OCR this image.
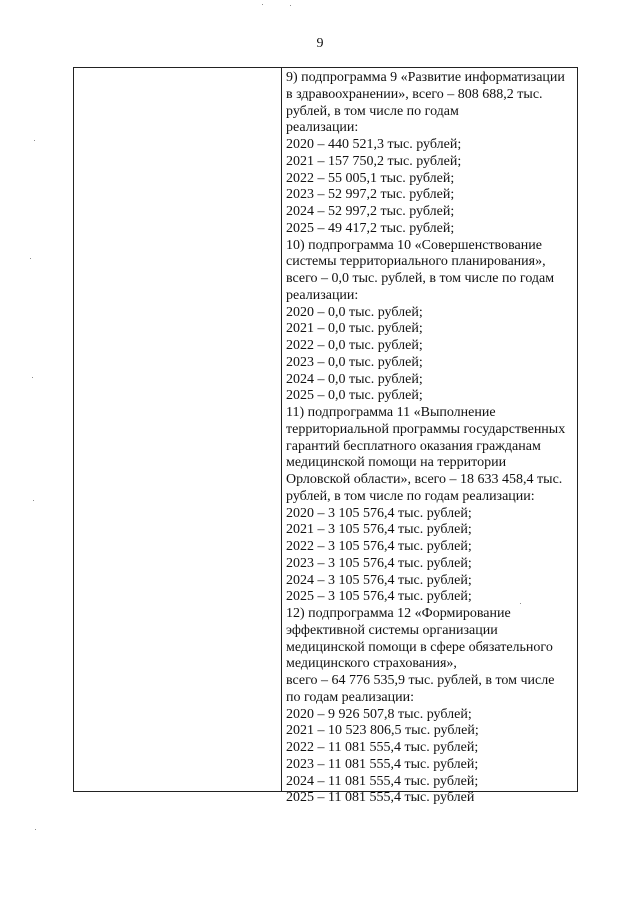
9
9) подпрограмма 9 «Развитие информатизации
в здравоохранении», всего – 808 688,2 тыс.
рублей, в том числе по годам
реализации:
2020 – 440 521,3 тыс. рублей;
2021 – 157 750,2 тыс. рублей;
2022 – 55 005,1 тыс. рублей;
2023 – 52 997,2 тыс. рублей;
2024 – 52 997,2 тыс. рублей;
2025 – 49 417,2 тыс. рублей;
10) подпрограмма 10 «Совершенствование
системы территориального планирования»,
всего – 0,0 тыс. рублей, в том числе по годам
реализации:
2020 – 0,0 тыс. рублей;
2021 – 0,0 тыс. рублей;
2022 – 0,0 тыс. рублей;
2023 – 0,0 тыс. рублей;
2024 – 0,0 тыс. рублей;
2025 – 0,0 тыс. рублей;
11) подпрограмма 11 «Выполнение
территориальной программы государственных
гарантий бесплатного оказания гражданам
медицинской помощи на территории
Орловской области», всего – 18 633 458,4 тыс.
рублей, в том числе по годам реализации:
2020 – 3 105 576,4 тыс. рублей;
2021 – 3 105 576,4 тыс. рублей;
2022 – 3 105 576,4 тыс. рублей;
2023 – 3 105 576,4 тыс. рублей;
2024 – 3 105 576,4 тыс. рублей;
2025 – 3 105 576,4 тыс. рублей;
12) подпрограмма 12 «Формирование
эффективной системы организации
медицинской помощи в сфере обязательного
медицинского страхования»,
всего – 64 776 535,9 тыс. рублей, в том числе
по годам реализации:
2020 – 9 926 507,8 тыс. рублей;
2021 – 10 523 806,5 тыс. рублей;
2022 – 11 081 555,4 тыс. рублей;
2023 – 11 081 555,4 тыс. рублей;
2024 – 11 081 555,4 тыс. рублей;
2025 – 11 081 555,4 тыс. рублей
